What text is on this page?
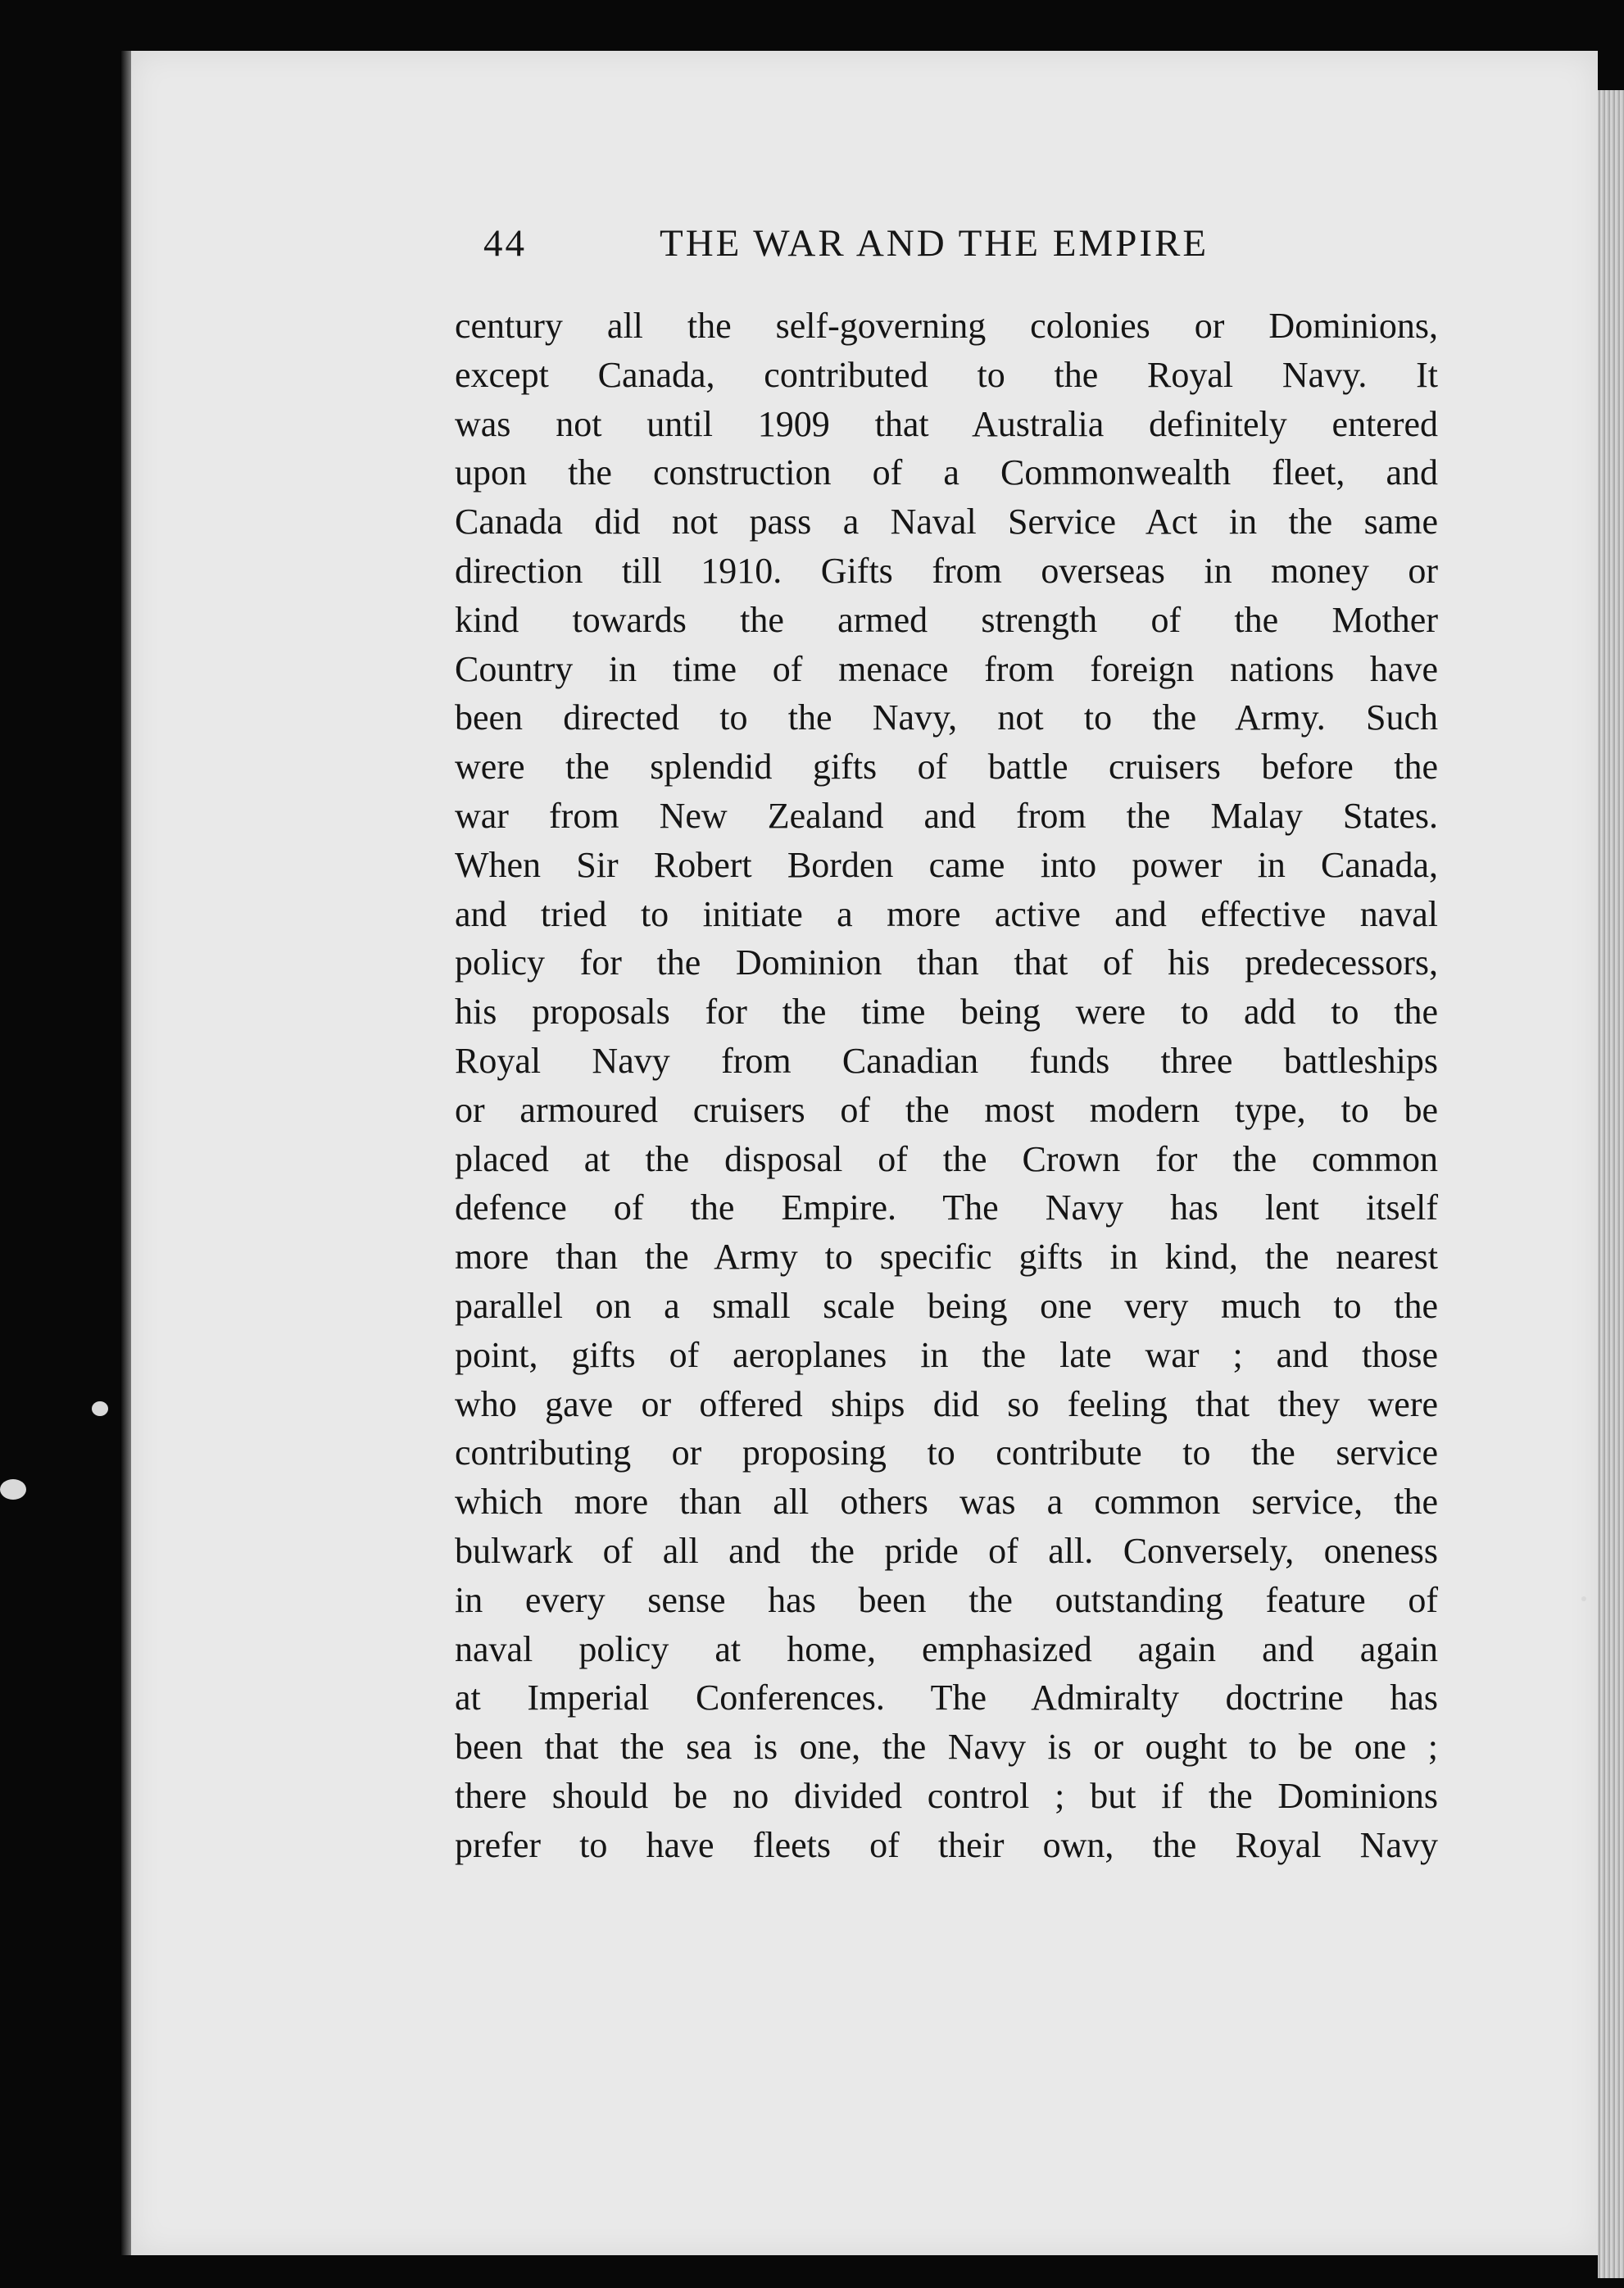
44	THE WAR AND THE EMPIRE
century all the self-governing colonies or Dominions,
except Canada, contributed to the Royal Navy. It
was not until 1909 that Australia definitely entered
upon the construction of a Commonwealth fleet, and
Canada did not pass a Naval Service Act in the same
direction till 1910. Gifts from overseas in money or
kind towards the armed strength of the Mother
Country in time of menace from foreign nations have
been directed to the Navy, not to the Army. Such
were the splendid gifts of battle cruisers before the
war from New Zealand and from the Malay States.
When Sir Robert Borden came into power in Canada,
and tried to initiate a more active and effective naval
policy for the Dominion than that of his predecessors,
his proposals for the time being were to add to the
Royal Navy from Canadian funds three battleships
or armoured cruisers of the most modern type, to be
placed at the disposal of the Crown for the common
defence of the Empire. The Navy has lent itself
more than the Army to specific gifts in kind, the nearest
parallel on a small scale being one very much to the
point, gifts of aeroplanes in the late war ; and those
who gave or offered ships did so feeling that they were
contributing or proposing to contribute to the service
which more than all others was a common service, the
bulwark of all and the pride of all. Conversely, oneness
in every sense has been the outstanding feature of
naval policy at home, emphasized again and again
at Imperial Conferences. The Admiralty doctrine has
been that the sea is one, the Navy is or ought to be one ;
there should be no divided control ; but if the Dominions
prefer to have fleets of their own, the Royal Navy
